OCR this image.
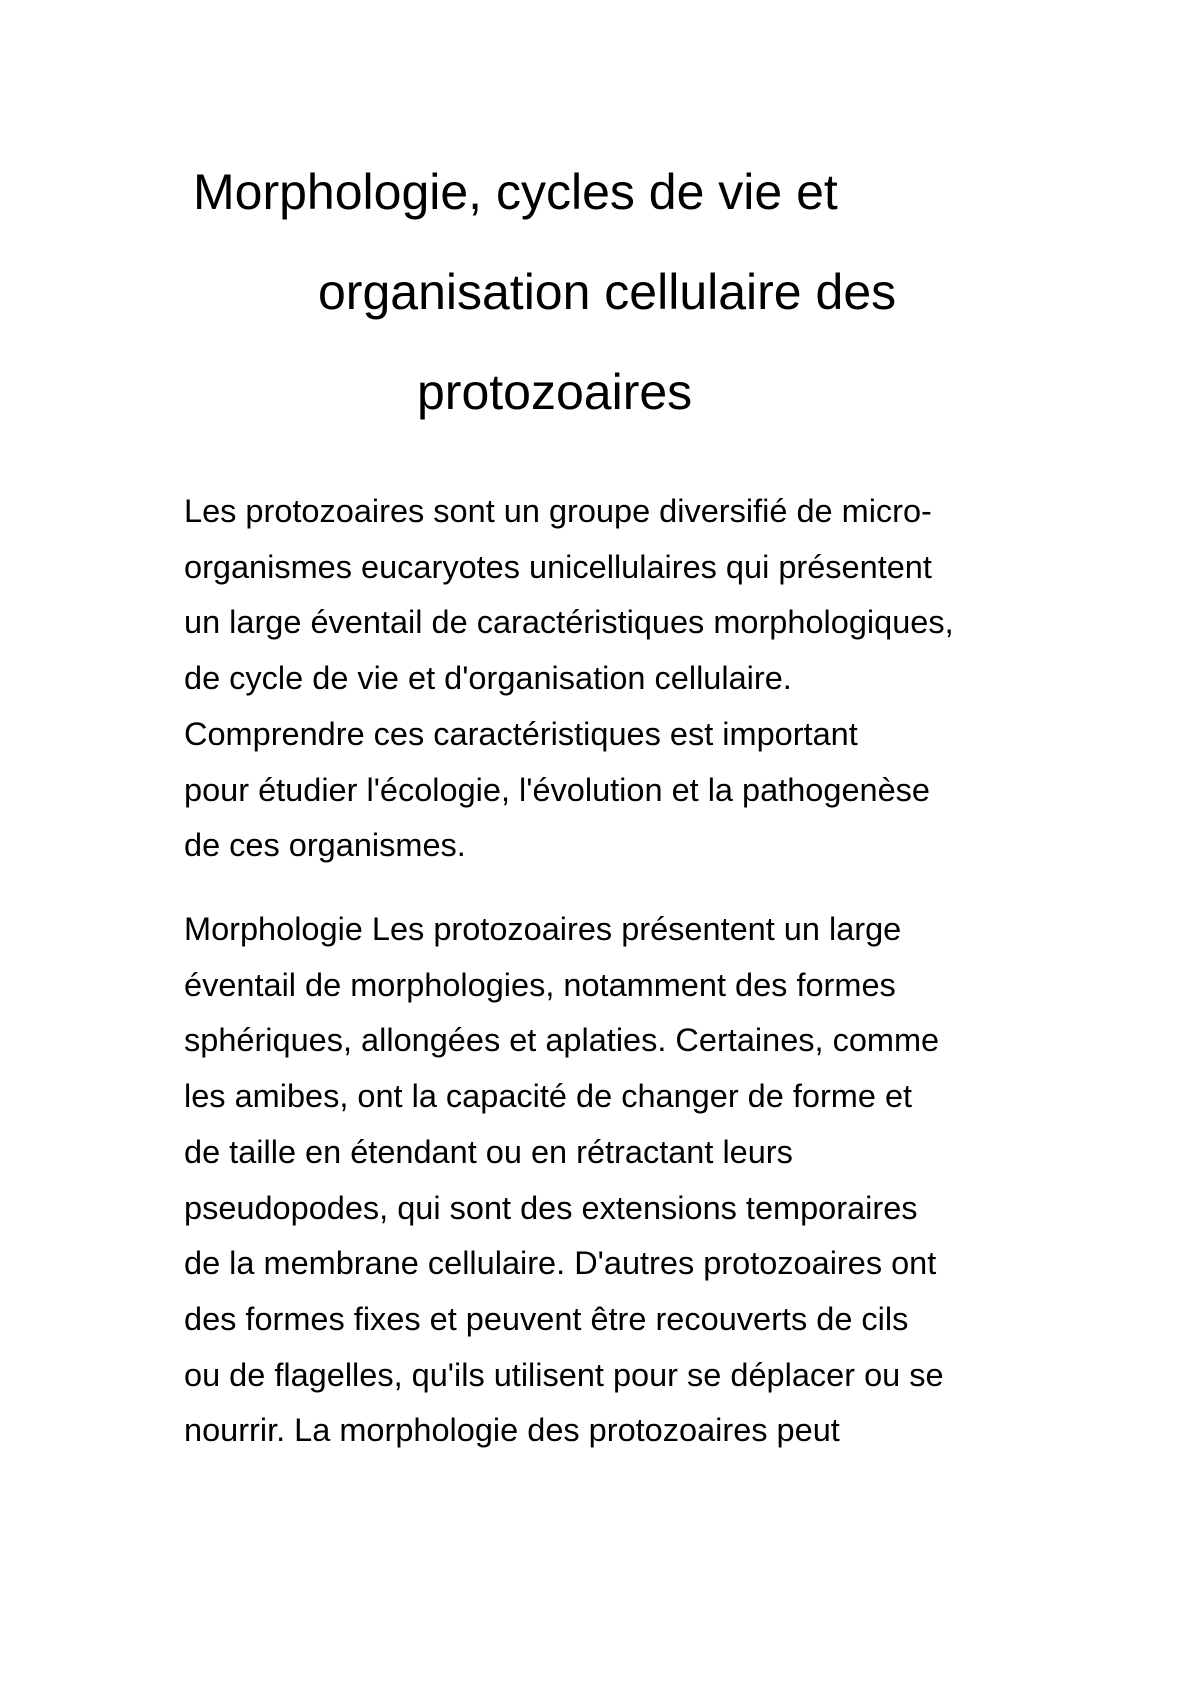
Morphologie, cycles de vie et
organisation cellulaire des
protozoaires

Les protozoaires sont un groupe diversifié de micro-
organismes eucaryotes unicellulaires qui présentent
un large éventail de caractéristiques morphologiques,
de cycle de vie et d'organisation cellulaire.
Comprendre ces caractéristiques est important
pour étudier l'écologie, l'évolution et la pathogenèse
de ces organismes.

Morphologie Les protozoaires présentent un large
éventail de morphologies, notamment des formes
sphériques, allongées et aplaties. Certaines, comme
les amibes, ont la capacité de changer de forme et
de taille en étendant ou en rétractant leurs
pseudopodes, qui sont des extensions temporaires
de la membrane cellulaire. D'autres protozoaires ont
des formes fixes et peuvent être recouverts de cils
ou de flagelles, qu'ils utilisent pour se déplacer ou se
nourrir. La morphologie des protozoaires peut
